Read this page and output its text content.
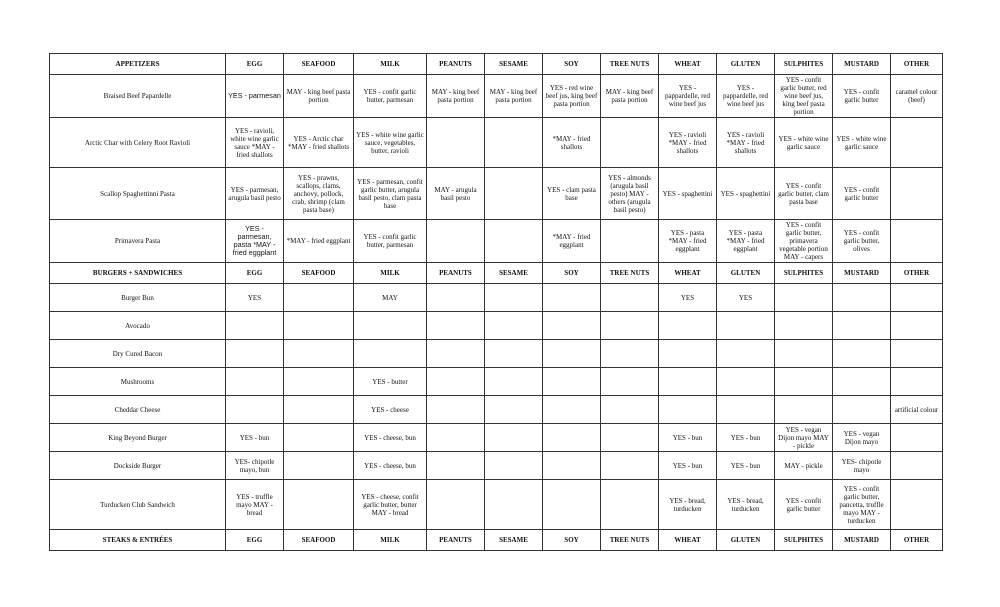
APPETIZERS	EGG	SEAFOOD	MILK	PEANUTS	SESAME	SOY	TREE NUTS	WHEAT	GLUTEN	SULPHITES	MUSTARD	OTHER
Braised Beef Papardelle	YES - parmesan	MAY - king beef pasta portion	YES - confit garlic butter, parmesan	MAY - king beef pasta portion	MAY - king beef pasta portion	YES - red wine beef jus, king beef pasta portion	MAY - king beef pasta portion	YES - pappardelle, red wine beef jus	YES - pappardelle, red wine beef jus	YES - confit garlic butter, red wine beef jus, king beef pasta portion	YES - confit garlic butter	caramel colour (beef)
Arctic Char with Celery Root Ravioli	YES - ravioli, white wine garlic sauce *MAY - fried shallots	YES - Arctic char *MAY - fried shallots	YES - white wine garlic sauce, vegetables, butter, ravioli			*MAY - fried shallots		YES - ravioli *MAY - fried shallots	YES - ravioli *MAY - fried shallots	YES - white wine garlic sauce	YES - white wine garlic sauce	
Scallop Spaghettinni Pasta	YES - parmesan, arugula basil pesto	YES - prawns, scallops, clams, anchovy, pollock, crab, shrimp (clam pasta base)	YES - parmesan, confit garlic butter, arugula basil pesto, clam pasta base	MAY - arugula basil pesto		YES - clam pasta base	YES - almonds (arugula basil pesto) MAY - others (arugula basil pesto)	YES - spaghettini	YES - spaghettini	YES - confit garlic butter, clam pasta base	YES - confit garlic butter	
Primavera Pasta	YES - parmesan, pasta *MAY - fried eggplant	*MAY - fried eggplant	YES - confit garlic butter, parmesan			*MAY - fried eggplant		YES - pasta *MAY - fried eggplant	YES - pasta *MAY - fried eggplant	YES - confit garlic butter, primavera vegetable portion MAY - capers	YES - confit garlic butter, olives	
BURGERS + SANDWICHES	EGG	SEAFOOD	MILK	PEANUTS	SESAME	SOY	TREE NUTS	WHEAT	GLUTEN	SULPHITES	MUSTARD	OTHER
Burger Bun	YES		MAY					YES	YES			
Avocado												
Dry Cured Bacon												
Mushrooms			YES - butter									
Cheddar Cheese			YES - cheese									artificial colour
King Beyond Burger	YES - bun		YES - cheese, bun					YES - bun	YES - bun	YES - vegan Dijon mayo MAY - pickle	YES - vegan Dijon mayo	
Dockside Burger	YES- chipotle mayo, bun		YES - cheese, bun					YES - bun	YES - bun	MAY - pickle	YES- chipotle mayo	
Turducken Club Sandwich	YES - truffle mayo MAY - bread		YES - cheese, confit garlic butter, butter MAY - bread					YES - bread, turducken	YES - bread, turducken	YES - confit garlic butter	YES - confit garlic butter, pancetta, truffle mayo MAY - turducken	
STEAKS & ENTRÉES	EGG	SEAFOOD	MILK	PEANUTS	SESAME	SOY	TREE NUTS	WHEAT	GLUTEN	SULPHITES	MUSTARD	OTHER
